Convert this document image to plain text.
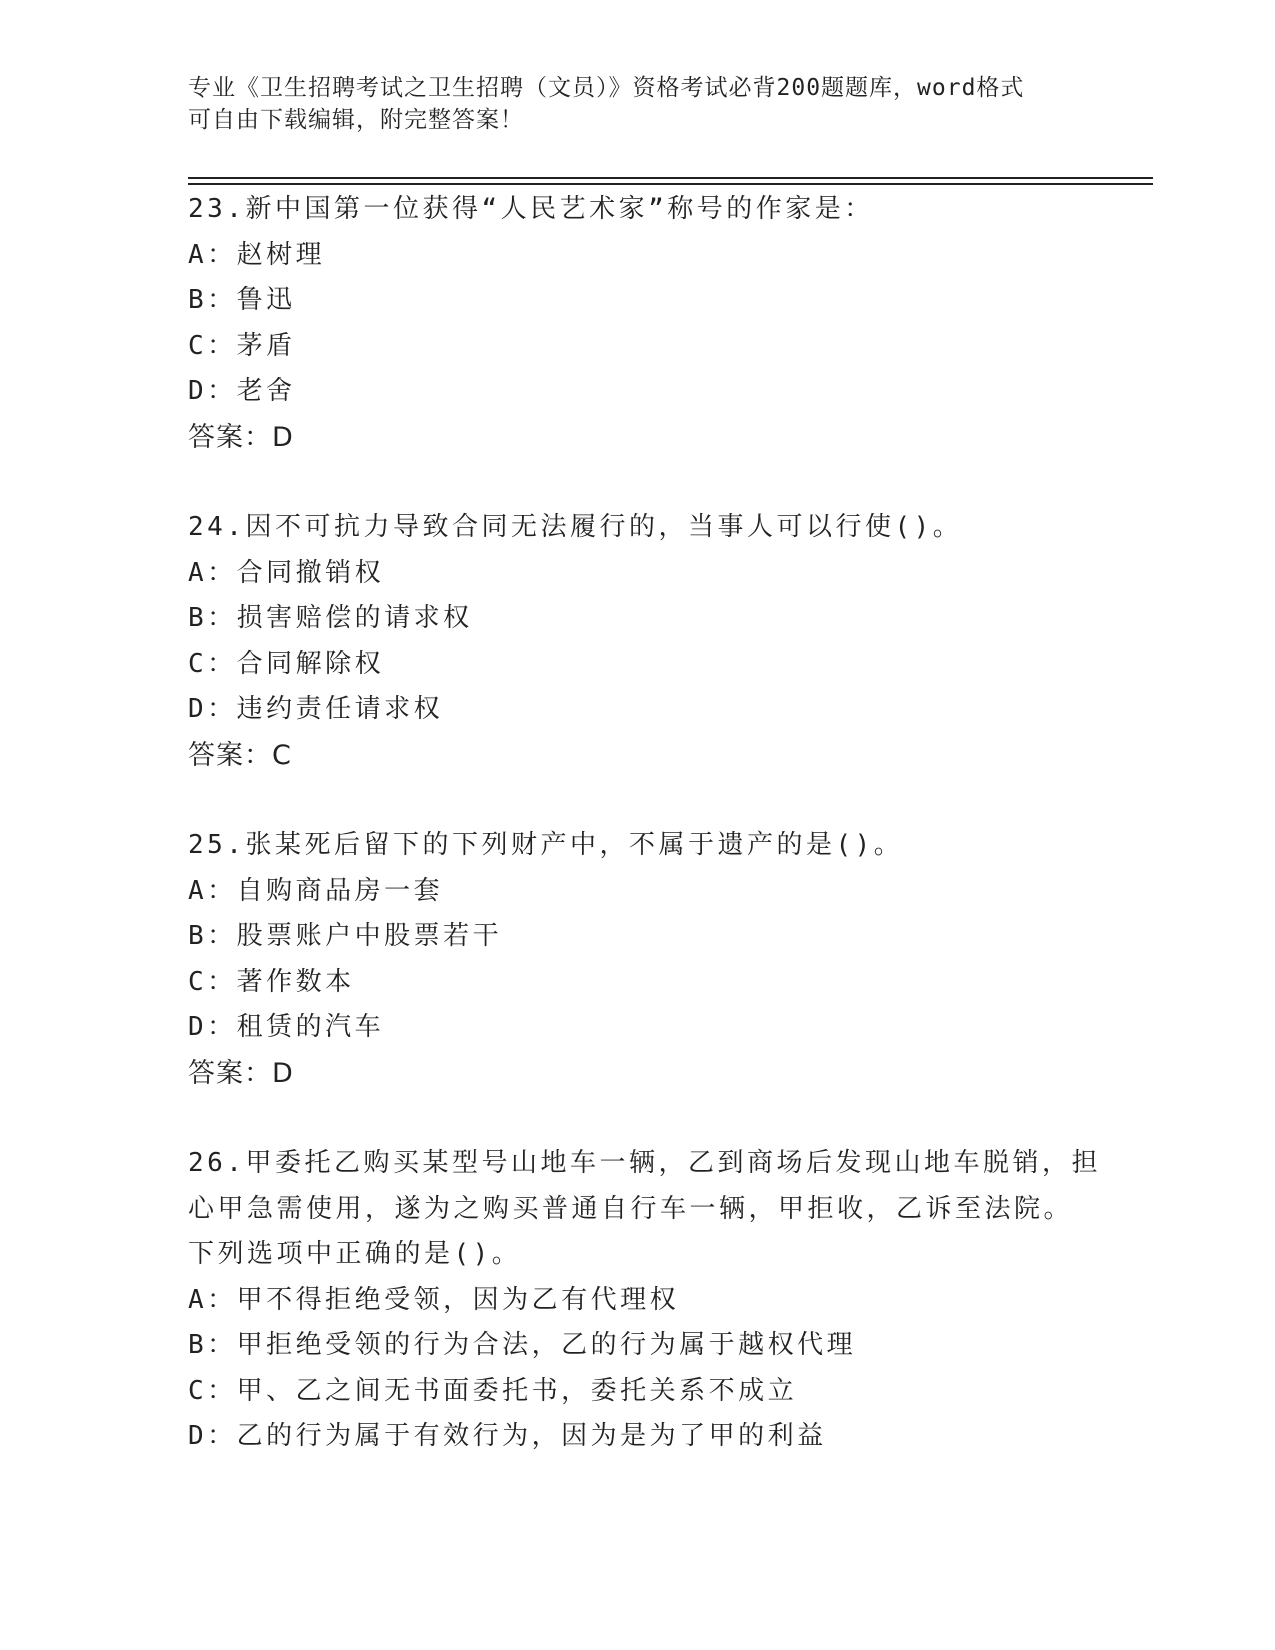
专业《卫生招聘考试之卫生招聘（文员）》资格考试必背200题题库，word格式
可自由下载编辑，附完整答案！
23.新中国第一位获得“人民艺术家”称号的作家是：
A：赵树理
B：鲁迅
C：茅盾
D：老舍
答案：D
24.因不可抗力导致合同无法履行的，当事人可以行使()。
A：合同撤销权
B：损害赔偿的请求权
C：合同解除权
D：违约责任请求权
答案：C
25.张某死后留下的下列财产中，不属于遗产的是()。
A：自购商品房一套
B：股票账户中股票若干
C：著作数本
D：租赁的汽车
答案：D
26.甲委托乙购买某型号山地车一辆，乙到商场后发现山地车脱销，担
心甲急需使用，遂为之购买普通自行车一辆，甲拒收，乙诉至法院。
下列选项中正确的是()。
A：甲不得拒绝受领，因为乙有代理权
B：甲拒绝受领的行为合法，乙的行为属于越权代理
C：甲、乙之间无书面委托书，委托关系不成立
D：乙的行为属于有效行为，因为是为了甲的利益
